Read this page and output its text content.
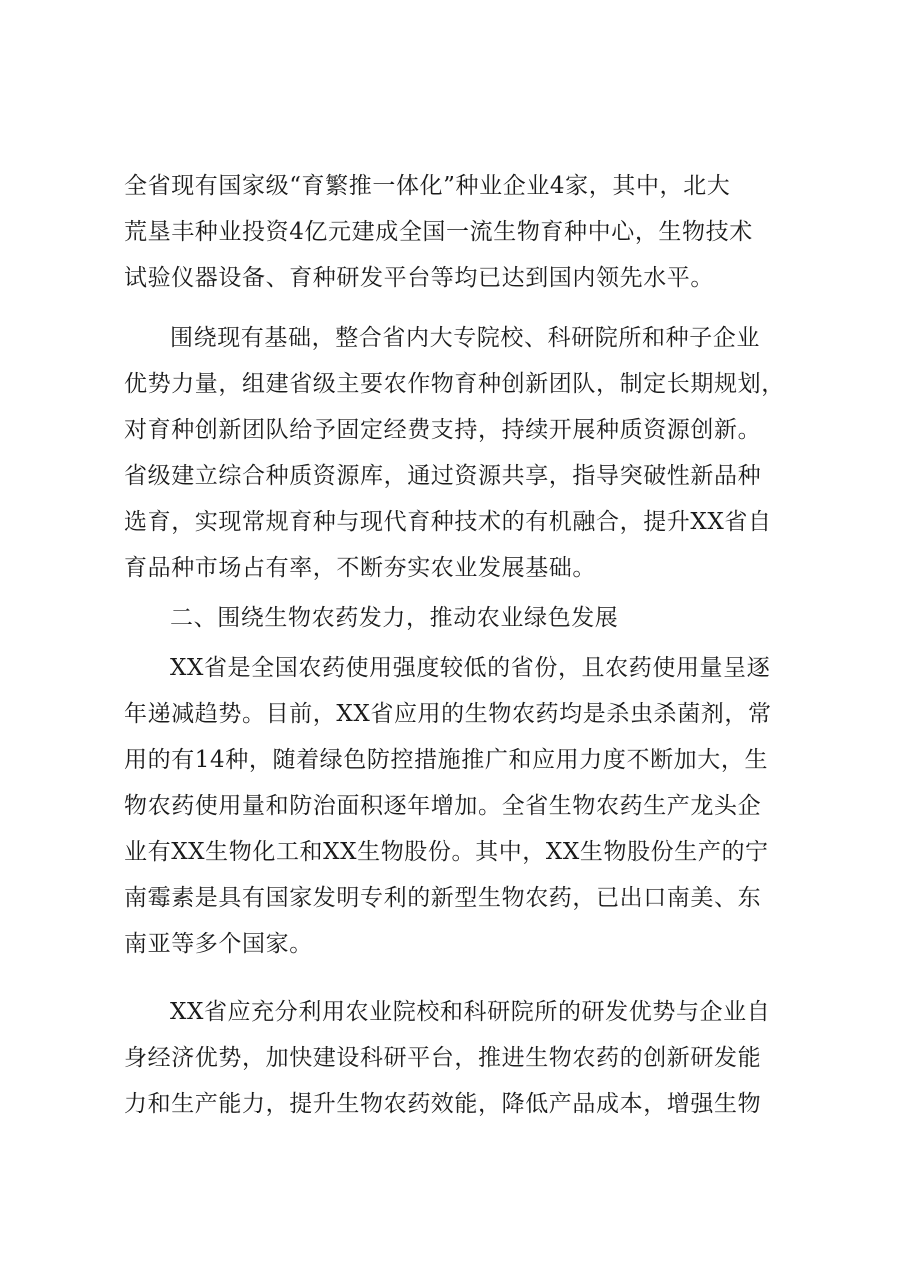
全省现有国家级“育繁推一体化”种业企业4家，其中，北大
荒垦丰种业投资4亿元建成全国一流生物育种中心，生物技术
试验仪器设备、育种研发平台等均已达到国内领先水平。
围绕现有基础，整合省内大专院校、科研院所和种子企业
优势力量，组建省级主要农作物育种创新团队，制定长期规划，
对育种创新团队给予固定经费支持，持续开展种质资源创新。
省级建立综合种质资源库，通过资源共享，指导突破性新品种
选育，实现常规育种与现代育种技术的有机融合，提升XX省自
育品种市场占有率，不断夯实农业发展基础。
二、围绕生物农药发力，推动农业绿色发展
XX省是全国农药使用强度较低的省份，且农药使用量呈逐
年递减趋势。目前，XX省应用的生物农药均是杀虫杀菌剂，常
用的有14种，随着绿色防控措施推广和应用力度不断加大，生
物农药使用量和防治面积逐年增加。全省生物农药生产龙头企
业有XX生物化工和XX生物股份。其中，XX生物股份生产的宁
南霉素是具有国家发明专利的新型生物农药，已出口南美、东
南亚等多个国家。
XX省应充分利用农业院校和科研院所的研发优势与企业自
身经济优势，加快建设科研平台，推进生物农药的创新研发能
力和生产能力，提升生物农药效能，降低产品成本，增强生物
